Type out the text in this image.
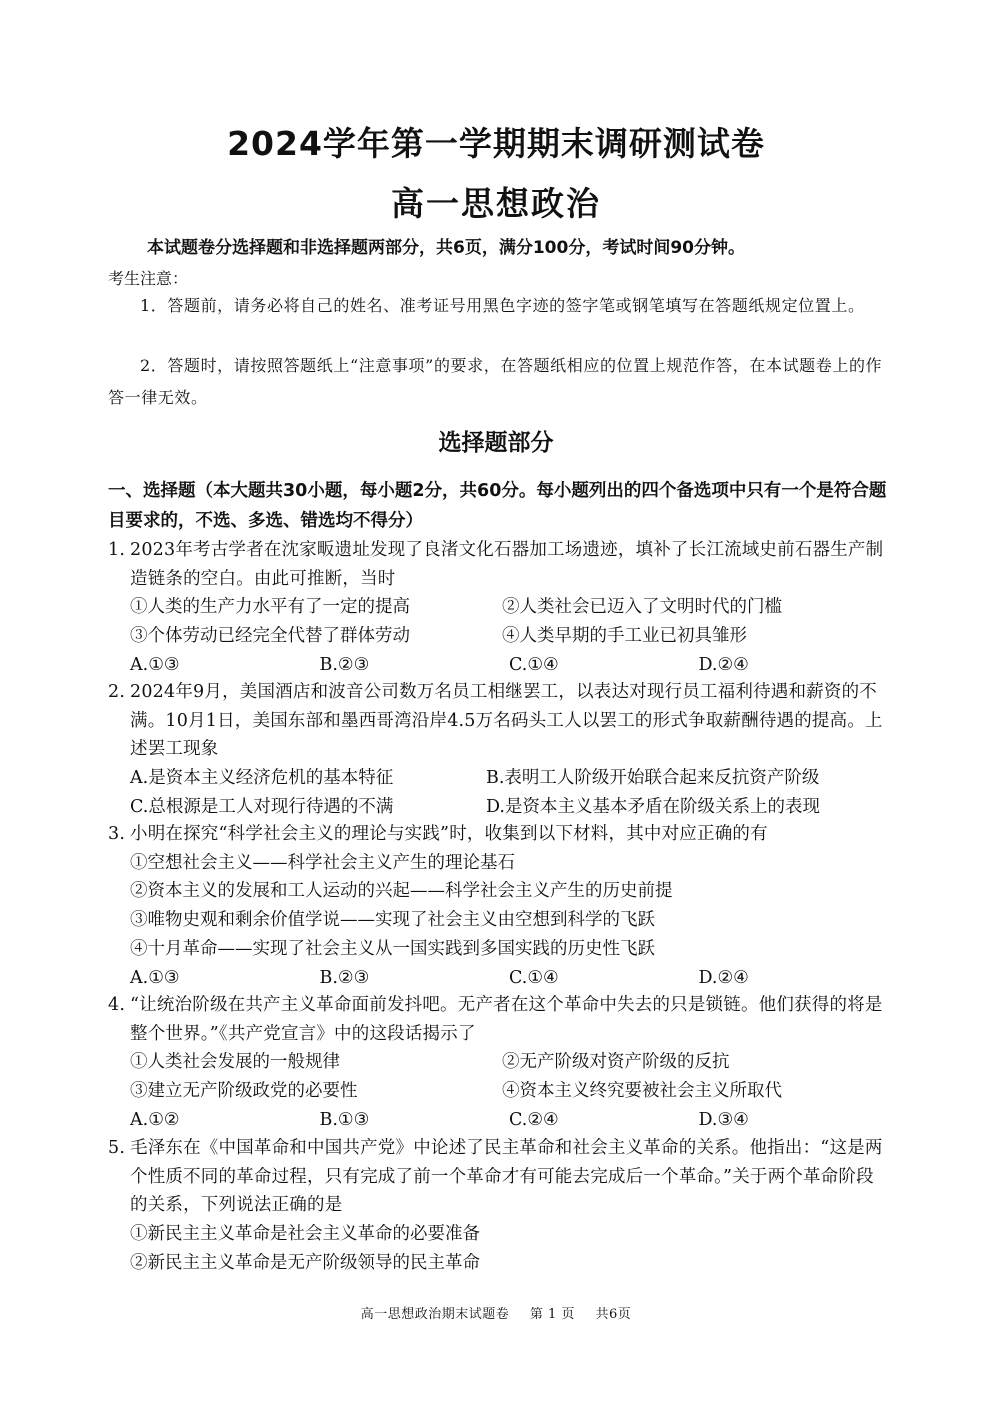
2024学年第一学期期末调研测试卷
高一思想政治
本试题卷分选择题和非选择题两部分，共6页，满分100分，考试时间90分钟。
考生注意：
1．答题前，请务必将自己的姓名、准考证号用黑色字迹的签字笔或钢笔填写在答题纸规定位置上。
2．答题时，请按照答题纸上“注意事项”的要求，在答题纸相应的位置上规范作答，在本试题卷上的作答一律无效。
选择题部分
一、选择题（本大题共30小题，每小题2分，共60分。每小题列出的四个备选项中只有一个是符合题目要求的，不选、多选、错选均不得分）
1. 2023年考古学者在沈家畈遗址发现了良渚文化石器加工场遗迹，填补了长江流域史前石器生产制造链条的空白。由此可推断，当时
①人类的生产力水平有了一定的提高	②人类社会已迈入了文明时代的门槛
③个体劳动已经完全代替了群体劳动	④人类早期的手工业已初具雏形
A.①③	B.②③	C.①④	D.②④
2. 2024年9月，美国酒店和波音公司数万名员工相继罢工，以表达对现行员工福利待遇和薪资的不满。10月1日，美国东部和墨西哥湾沿岸4.5万名码头工人以罢工的形式争取薪酬待遇的提高。上述罢工现象
A.是资本主义经济危机的基本特征	B.表明工人阶级开始联合起来反抗资产阶级
C.总根源是工人对现行待遇的不满	D.是资本主义基本矛盾在阶级关系上的表现
3. 小明在探究“科学社会主义的理论与实践”时，收集到以下材料，其中对应正确的有
①空想社会主义——科学社会主义产生的理论基石
②资本主义的发展和工人运动的兴起——科学社会主义产生的历史前提
③唯物史观和剩余价值学说——实现了社会主义由空想到科学的飞跃
④十月革命——实现了社会主义从一国实践到多国实践的历史性飞跃
A.①③	B.②③	C.①④	D.②④
4. “让统治阶级在共产主义革命面前发抖吧。无产者在这个革命中失去的只是锁链。他们获得的将是整个世界。”《共产党宣言》中的这段话揭示了
①人类社会发展的一般规律	②无产阶级对资产阶级的反抗
③建立无产阶级政党的必要性	④资本主义终究要被社会主义所取代
A.①②	B.①③	C.②④	D.③④
5. 毛泽东在《中国革命和中国共产党》中论述了民主革命和社会主义革命的关系。他指出：“这是两个性质不同的革命过程，只有完成了前一个革命才有可能去完成后一个革命。”关于两个革命阶段的关系，下列说法正确的是
①新民主主义革命是社会主义革命的必要准备
②新民主主义革命是无产阶级领导的民主革命
高一思想政治期末试题卷 第 1 页 共6页
